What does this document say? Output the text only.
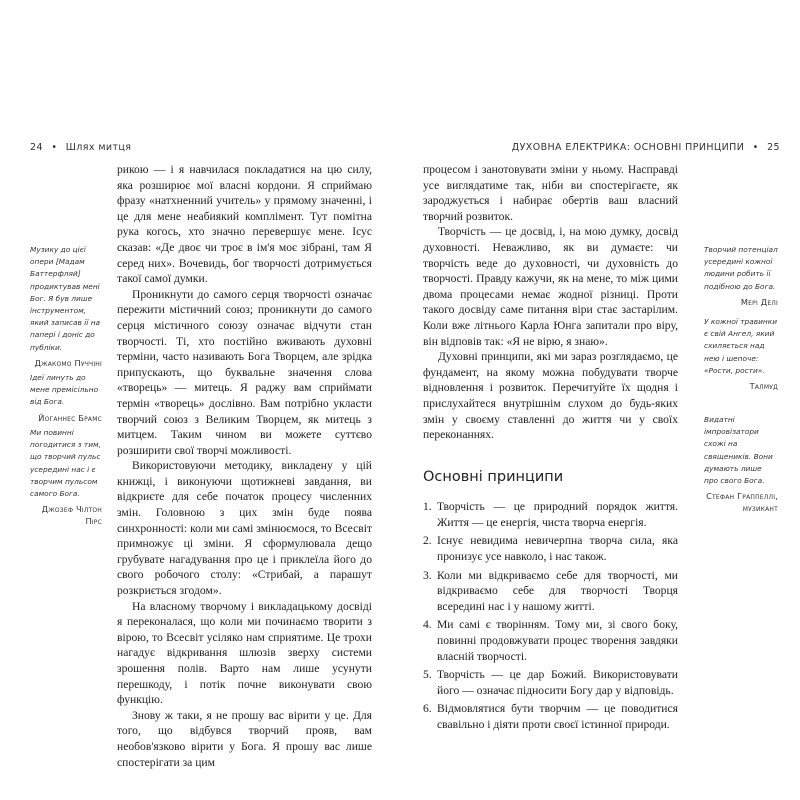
24 • Шлях митця

Музику до цієї опери [Мадам Баттерфляй] продиктував мені Бог. Я був лише інструментом, який записав її на папері і доніс до публіки.

Джакомо Пуччіні

Ідеї линуть до мене премісільно від Бога.

Йоганнес Брамс

Ми повинні погодитися з тим, що творчий пульс усередині нас і є творчим пульсом самого Бога.

Джозеф Чілтон Пірс

рикою — і я навчилася покладатися на цю силу, яка розширює мої власні кордони. Я сприймаю фразу «натхненний учитель» у прямому значенні, і це для мене неабиякий комплімент. Тут помітна рука когось, хто значно перевершує мене. Ісус сказав: «Де двоє чи троє в ім'я моє зібрані, там Я серед них». Вочевидь, бог творчості дотримується такої самої думки.

Проникнути до самого серця творчості означає пережити містичний союз; проникнути до самого серця містичного союзу означає відчути стан творчості. Ті, хто постійно вживають духовні терміни, часто називають Бога Творцем, але зрідка припускають, що буквальне значення слова «творець» — митець. Я раджу вам сприймати термін «творець» дослівно. Вам потрібно укласти творчий союз з Великим Творцем, як митець з митцем. Таким чином ви можете суттєво розширити свої творчі можливості.

Використовуючи методику, викладену у цій книжці, і виконуючи щотижневі завдання, ви відкриєте для себе початок процесу численних змін. Головною з цих змін буде поява синхронності: коли ми самі змінюємося, то Всесвіт примножує ці зміни. Я сформулювала дещо грубувате нагадування про це і приклеїла його до свого робочого столу: «Стрибай, а парашут розкриється згодом».

На власному творчому і викладацькому досвіді я переконалася, що коли ми починаємо творити з вірою, то Всесвіт усіляко нам сприятиме. Це трохи нагадує відкривання шлюзів зверху системи зрошення полів. Варто нам лише усунути перешкоду, і потік почне виконувати свою функцію.

Знову ж таки, я не прошу вас вірити у це. Для того, що відбувся творчий прояв, вам необов'язково вірити у Бога. Я прошу вас лише спостерігати за цим

ДУХОВНА ЕЛЕКТРИКА: ОСНОВНІ ПРИНЦИПИ • 25

Творчий потенціал усередині кожної людини робить її подібною до Бога.

Мері Делі

У кожної травинки є свій Ангел, який схиляється над нею і шепоче: «Рости, рости».

Талмуд

Видатні імпровізатори схожі на священиків. Вони думають лише про свого Бога.

Стефан Граппеллі, музикант

процесом і занотовувати зміни у ньому. Насправді усе виглядатиме так, ніби ви спостерігаєте, як зароджується і набирає обертів ваш власний творчий розвиток.

Творчість — це досвід, і, на мою думку, досвід духовності. Неважливо, як ви думаєте: чи творчість веде до духовності, чи духовність до творчості. Правду кажучи, як на мене, то між цими двома процесами немає жодної різниці. Проти такого досвіду саме питання віри стає застарілим. Коли вже літнього Карла Юнга запитали про віру, він відповів так: «Я не вірю, я знаю».

Духовні принципи, які ми зараз розглядаємо, це фундамент, на якому можна побудувати творче відновлення і розвиток. Перечитуйте їх щодня і прислухайтеся внутрішнім слухом до будь-яких змін у своєму ставленні до життя чи у своїх переконаннях.

Основні принципи
1. Творчість — це природний порядок життя. Життя — це енергія, чиста творча енергія.
2. Існує невидима невичерпна творча сила, яка пронизує усе навколо, і нас також.
3. Коли ми відкриваємо себе для творчості, ми відкриваємо себе для творчості Творця всередині нас і у нашому житті.
4. Ми самі є творінням. Тому ми, зі свого боку, повинні продовжувати процес творення завдяки власній творчості.
5. Творчість — це дар Божий. Використовувати його — означає підносити Богу дар у відповідь.
6. Відмовлятися бути творчим — це поводитися свавільно і діяти проти своєї істинної природи.
